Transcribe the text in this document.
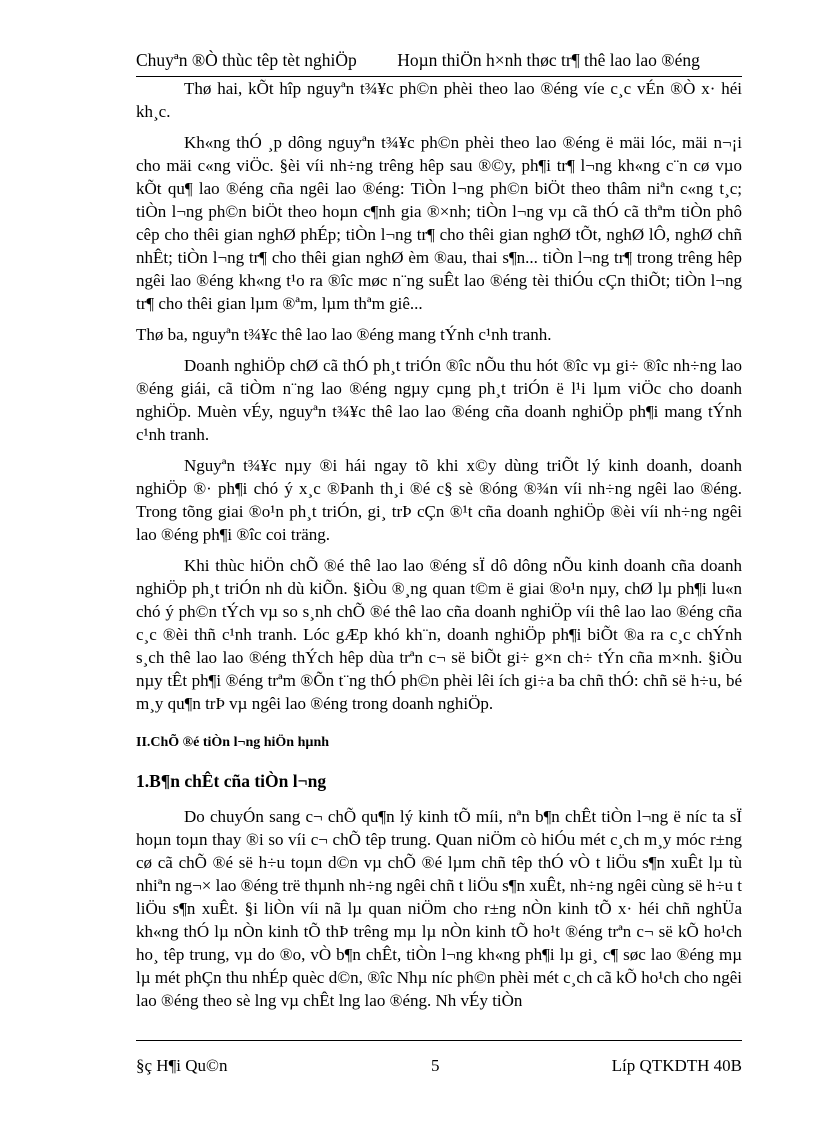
Chuyªn ®Ò thùc têp tèt nghiÖp Hoµn thiÖn h×nh thøc tr¶ thê lao lao ®éng

Thø hai, kÕt hîp nguyªn t¾¥c ph©n phèi theo lao ®éng víe c¸c vÉn ®Ò x· héi kh¸c.

Kh«ng thÓ ¸p dông nguyªn t¾¥c ph©n phèi theo lao ®éng ë mäi lóc, mäi n¬¡i cho mäi c«ng viÖc. §èi víi nh÷ng trêng hêp sau ®©y, ph¶i tr¶ l¬ng kh«ng c¨n cø vµo kÕt qu¶ lao ®éng cña ngêi lao ®éng: TiÒn l¬ng ph©n biÖt theo thâm niªn c«ng t¸c; tiÒn l¬ng ph©n biÖt theo hoµn c¶nh gia ®×nh; tiÒn l¬ng vµ cã thÓ cã thªm tiÒn phô cêp cho thêi gian nghØ phÉp; tiÒn l¬ng tr¶ cho thêi gian nghØ tÕt, nghØ lÔ, nghØ chñ nhÊt; tiÒn l¬ng tr¶ cho thêi gian nghØ èm ®au, thai s¶n... tiÒn l¬ng tr¶ trong trêng hêp ngêi lao ®éng kh«ng t¹o ra ®îc møc n¨ng suÊt lao ®éng tèi thiÓu cÇn thiÕt; tiÒn l¬ng tr¶ cho thêi gian lµm ®ªm, lµm thªm giê...

Thø ba, nguyªn t¾¥c thê lao lao ®éng mang tÝnh c¹nh tranh.

Doanh nghiÖp chØ cã thÓ ph¸t triÓn ®îc nÕu thu hót ®îc vµ gi÷ ®îc nh÷ng lao ®éng giái, cã tiÒm n¨ng lao ®éng ngµy cµng ph¸t triÓn ë l¹i lµm viÖc cho doanh nghiÖp. Muèn vÉy, nguyªn t¾¥c thê lao lao ®éng cña doanh nghiÖp ph¶i mang tÝnh c¹nh tranh.

Nguyªn t¾¥c nµy ®i hái ngay tõ khi x©y dùng triÕt lý kinh doanh, doanh nghiÖp ®· ph¶i chó ý x¸c ®Þanh th¸i ®é c§ sè ®óng ®¾n víi nh÷ng ngêi lao ®éng. Trong tõng giai ®o¹n ph¸t triÓn, gi¸ trÞ cÇn ®¹t cña doanh nghiÖp ®èi víi nh÷ng ngêi lao ®éng ph¶i ®îc coi träng.

Khi thùc hiÖn chÕ ®é thê lao lao ®éng sÏ dô dông nÕu kinh doanh cña doanh nghiÖp ph¸t triÓn nh dù kiÕn. §iÒu ®¸ng quan t©m ë giai ®o¹n nµy, chØ lµ ph¶i lu«n chó ý ph©n tÝch vµ so s¸nh chÕ ®é thê lao cña doanh nghiÖp víi thê lao lao ®éng cña c¸c ®èi thñ c¹nh tranh. Lóc gÆp khó kh¨n, doanh nghiÖp ph¶i biÕt ®a ra c¸c chÝnh s¸ch thê lao lao ®éng thÝch hêp dùa trªn c¬ së biÕt gi÷ g×n ch÷ tÝn cña m×nh. §iÒu nµy tÊt ph¶i ®éng trªm ®Õn t¨ng thÓ ph©n phèi lêi ích gi÷a ba chñ thÓ: chñ së h÷u, bé m¸y qu¶n trÞ vµ ngêi lao ®éng trong doanh nghiÖp.

II.ChÕ ®é tiÒn l¬ng hiÖn hµnh
1.B¶n chÊt cña tiÒn l¬ng

Do chuyÓn sang c¬ chÕ qu¶n lý kinh tÕ míi, nªn b¶n chÊt tiÒn l¬ng ë níc ta sÏ hoµn toµn thay ®i so víi c¬ chÕ têp trung. Quan niÖm cò hiÓu mét c¸ch m¸y móc r±ng cø cã chÕ ®é së h÷u toµn d©n vµ chÕ ®é lµm chñ têp thÓ vÒ t liÖu s¶n xuÊt lµ tù nhiªn ng¬× lao ®éng trë thµnh nh÷ng ngêi chñ t liÖu s¶n xuÊt, nh÷ng ngêi cùng së h÷u t liÖu s¶n xuÊt. §i liÒn víi nã lµ quan niÖm cho r±ng nÒn kinh tÕ x· héi chñ nghÜa kh«ng thÓ lµ nÒn kinh tÕ thÞ trêng mµ lµ nÒn kinh tÕ ho¹t ®éng trªn c¬ së kÕ ho¹ch ho¸ têp trung, vµ do ®o, vÒ b¶n chÊt, tiÒn l¬ng kh«ng ph¶i lµ gi¸ c¶ søc lao ®éng mµ lµ mét phÇn thu nhÉp quèc d©n, ®îc Nhµ níc ph©n phèi mét c¸ch cã kÕ ho¹ch cho ngêi lao ®éng theo sè lng vµ chÊt lng lao ®éng. Nh vÉy tiÒn

§ç H¶i Qu©n	5	Líp QTKDTH 40B
